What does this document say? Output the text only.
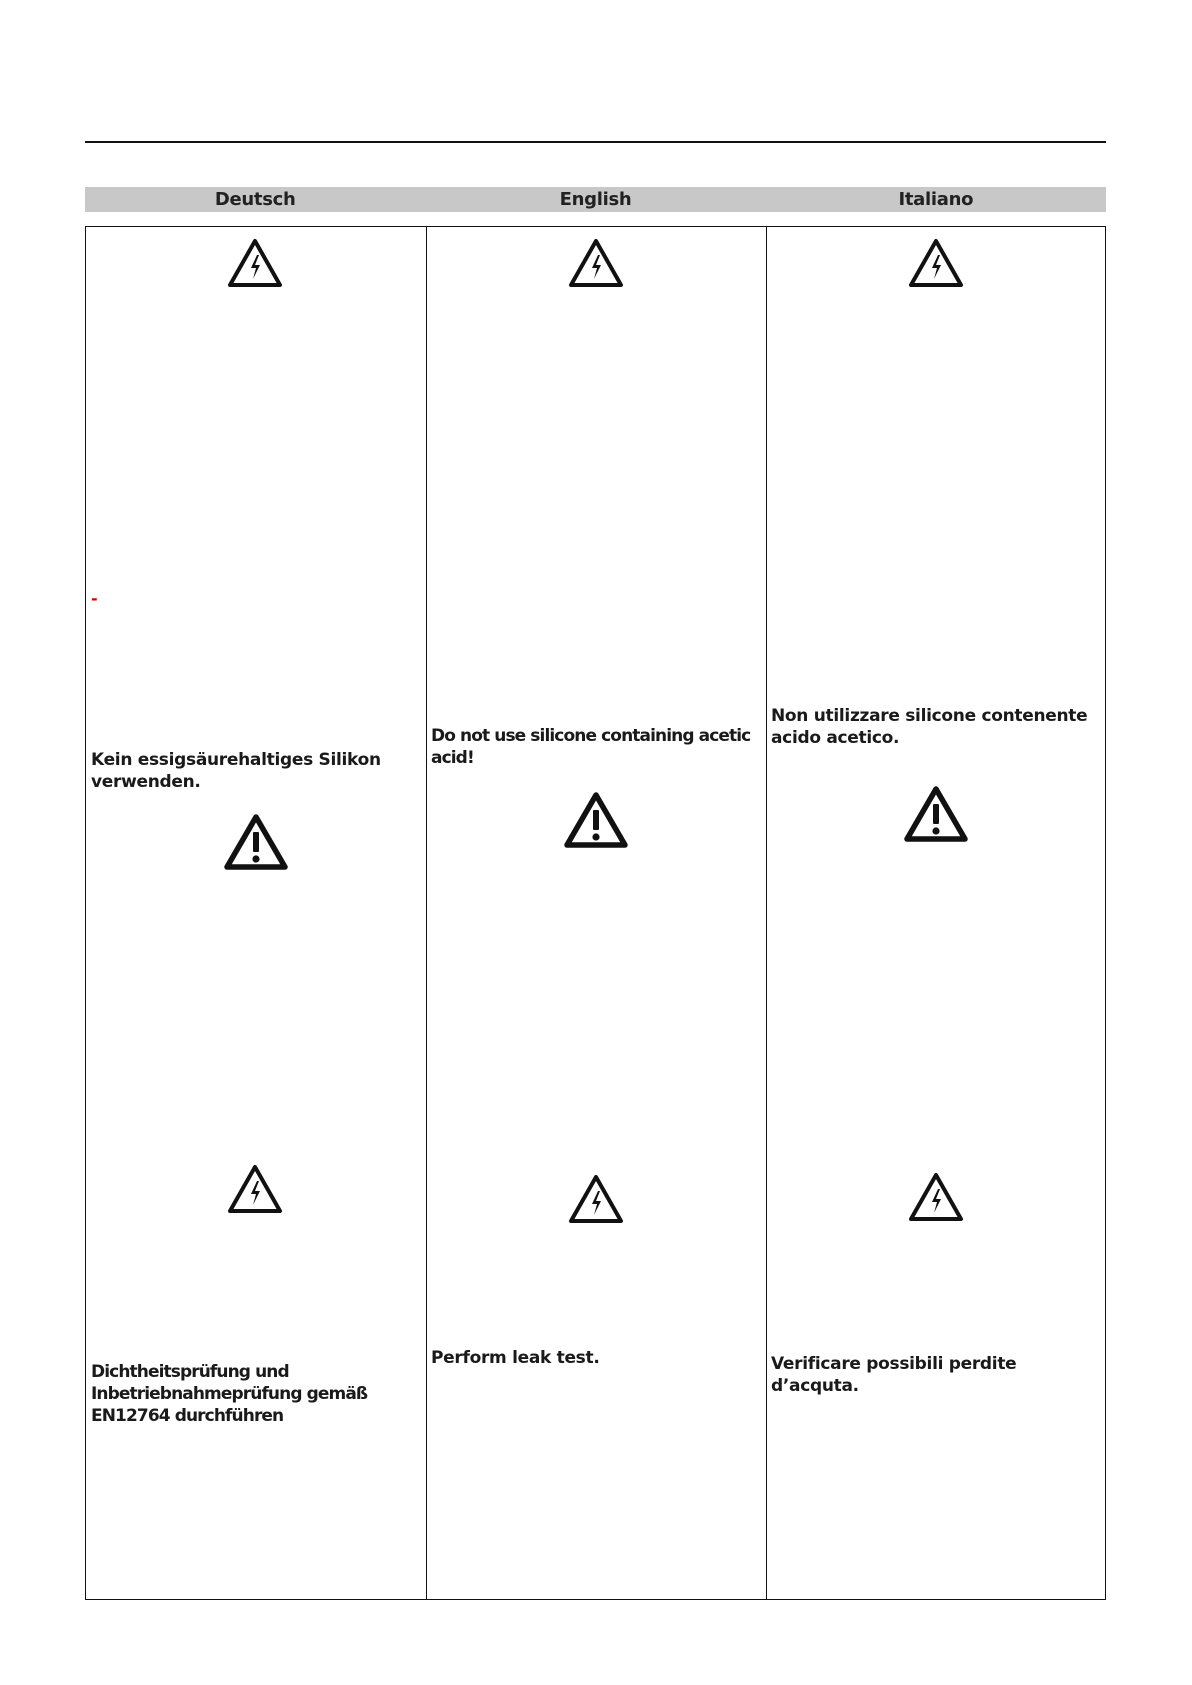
Deutsch	English	Italiano
-
Kein essigsäurehaltiges Silikon verwenden.
Dichtheitsprüfung und Inbetriebnahmeprüfung gemäß EN12764 durchführen
Do not use silicone containing acetic acid!
Perform leak test.
Non utilizzare silicone contenente acido acetico.
Verificare possibili perdite d’acquta.
